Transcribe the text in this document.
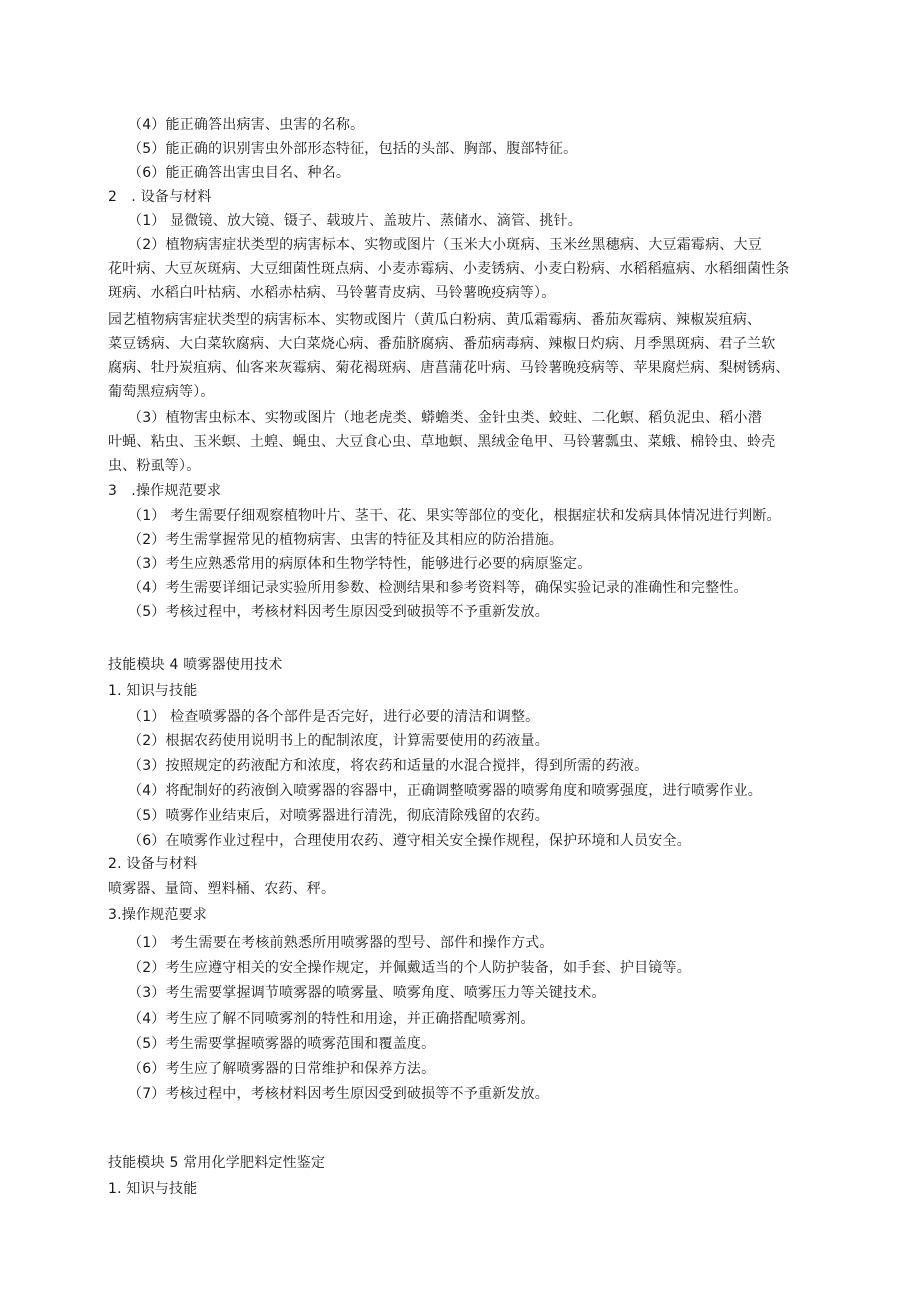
（4）能正确答出病害、虫害的名称。
（5）能正确的识别害虫外部形态特征，包括的头部、胸部、腹部特征。
（6）能正确答出害虫目名、种名。
2　. 设备与材料
（1） 显微镜、放大镜、镊子、载玻片、盖玻片、蒸储水、滴管、挑针。
（2）植物病害症状类型的病害标本、实物或图片（玉米大小斑病、玉米丝黑穗病、大豆霜霉病、大豆
花叶病、大豆灰斑病、大豆细菌性斑点病、小麦赤霉病、小麦锈病、小麦白粉病、水稻稻瘟病、水稻细菌性条
斑病、水稻白叶枯病、水稻赤枯病、马铃薯青皮病、马铃薯晚疫病等）。
园艺植物病害症状类型的病害标本、实物或图片（黄瓜白粉病、黄瓜霜霉病、番茄灰霉病、辣椒炭疽病、
菜豆锈病、大白菜软腐病、大白菜烧心病、番茄脐腐病、番茄病毒病、辣椒日灼病、月季黑斑病、君子兰软
腐病、牡丹炭疽病、仙客来灰霉病、菊花褐斑病、唐菖蒲花叶病、马铃薯晚疫病等、苹果腐烂病、梨树锈病、
葡萄黑痘病等）。
（3）植物害虫标本、实物或图片（地老虎类、蟒蟾类、金针虫类、蛟蛀、二化螟、稻负泥虫、稻小潜
叶蝇、粘虫、玉米螟、土蝗、蝇虫、大豆食心虫、草地螟、黑绒金龟甲、马铃薯瓢虫、菜蛾、棉铃虫、蛉壳
虫、粉虱等）。
3　.操作规范要求
（1） 考生需要仔细观察植物叶片、茎干、花、果实等部位的变化，根据症状和发病具体情况进行判断。
（2）考生需掌握常见的植物病害、虫害的特征及其相应的防治措施。
（3）考生应熟悉常用的病原体和生物学特性，能够进行必要的病原鉴定。
（4）考生需要详细记录实验所用参数、检测结果和参考资料等，确保实验记录的准确性和完整性。
（5）考核过程中，考核材料因考生原因受到破损等不予重新发放。
技能模块 4 喷雾器使用技术
1. 知识与技能
（1） 检查喷雾器的各个部件是否完好，进行必要的清洁和调整。
（2）根据农药使用说明书上的配制浓度，计算需要使用的药液量。
（3）按照规定的药液配方和浓度，将农药和适量的水混合搅拌，得到所需的药液。
（4）将配制好的药液倒入喷雾器的容器中，正确调整喷雾器的喷雾角度和喷雾强度，进行喷雾作业。
（5）喷雾作业结束后，对喷雾器进行清洗，彻底清除残留的农药。
（6）在喷雾作业过程中，合理使用农药、遵守相关安全操作规程，保护环境和人员安全。
2. 设备与材料
喷雾器、量筒、塑料桶、农药、秤。
3.操作规范要求
（1） 考生需要在考核前熟悉所用喷雾器的型号、部件和操作方式。
（2）考生应遵守相关的安全操作规定，并佩戴适当的个人防护装备，如手套、护目镜等。
（3）考生需要掌握调节喷雾器的喷雾量、喷雾角度、喷雾压力等关键技术。
（4）考生应了解不同喷雾剂的特性和用途，并正确搭配喷雾剂。
（5）考生需要掌握喷雾器的喷雾范围和覆盖度。
（6）考生应了解喷雾器的日常维护和保养方法。
（7）考核过程中，考核材料因考生原因受到破损等不予重新发放。
技能模块 5 常用化学肥料定性鉴定
1. 知识与技能
